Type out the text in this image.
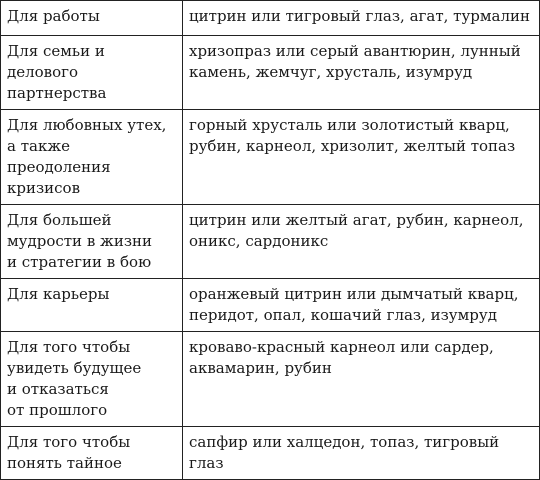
Для работы	цитрин или тигровый глаз, агат, турмалин
Для семьи и делового
партнерства	хризопраз или серый авантюрин, лунный
камень, жемчуг, хрусталь, изумруд
Для любовных утех,
а также преодоления
кризисов	горный хрусталь или золотистый кварц,
рубин, карнеол, хризолит, желтый топаз
Для большей
мудрости в жизни
и стратегии в бою	цитрин или желтый агат, рубин, карнеол,
оникс, сардоникс
Для карьеры	оранжевый цитрин или дымчатый кварц,
перидот, опал, кошачий глаз, изумруд
Для того чтобы
увидеть будущее
и отказаться
от прошлого	кроваво-красный карнеол или сардер,
аквамарин, рубин
Для того чтобы
понять тайное	сапфир или халцедон, топаз, тигровый
глаз
